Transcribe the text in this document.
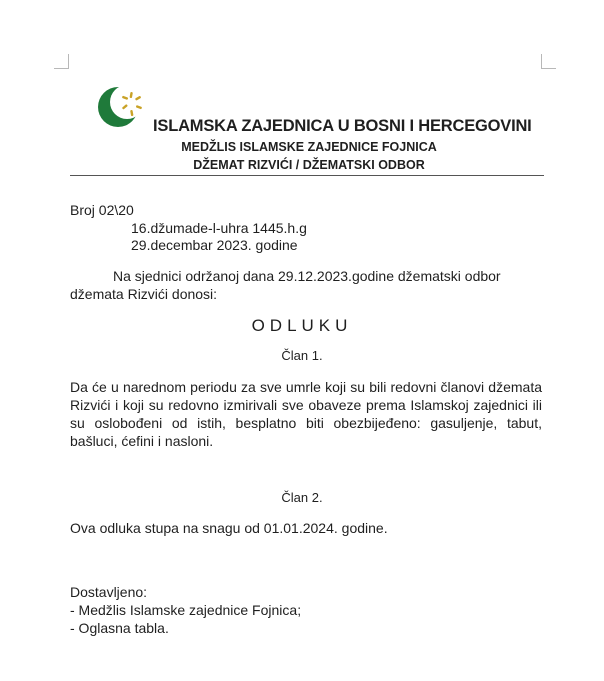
ISLAMSKA ZAJEDNICA U BOSNI I HERCEGOVINI
MEDŽLIS ISLAMSKE ZAJEDNICE FOJNICA
DŽEMAT RIZVIĆI / DŽEMATSKI ODBOR
Broj 02\20
16.džumade-l-uhra 1445.h.g
29.decembar 2023. godine
Na sjednici održanoj dana 29.12.2023.godine džematski odbor
džemata Rizvići donosi:
ODLUKU
Član 1.
Da će u narednom periodu za sve umrle koji su bili redovni članovi džemata Rizvići i koji su redovno izmirivali sve obaveze prema Islamskoj zajednici ili su oslobođeni od istih, besplatno biti obezbijeđeno: gasuljenje, tabut, bašluci, ćefini i nasloni.
Član 2.
Ova odluka stupa na snagu od 01.01.2024. godine.
Dostavljeno:
- Medžlis Islamske zajednice Fojnica;
- Oglasna tabla.
